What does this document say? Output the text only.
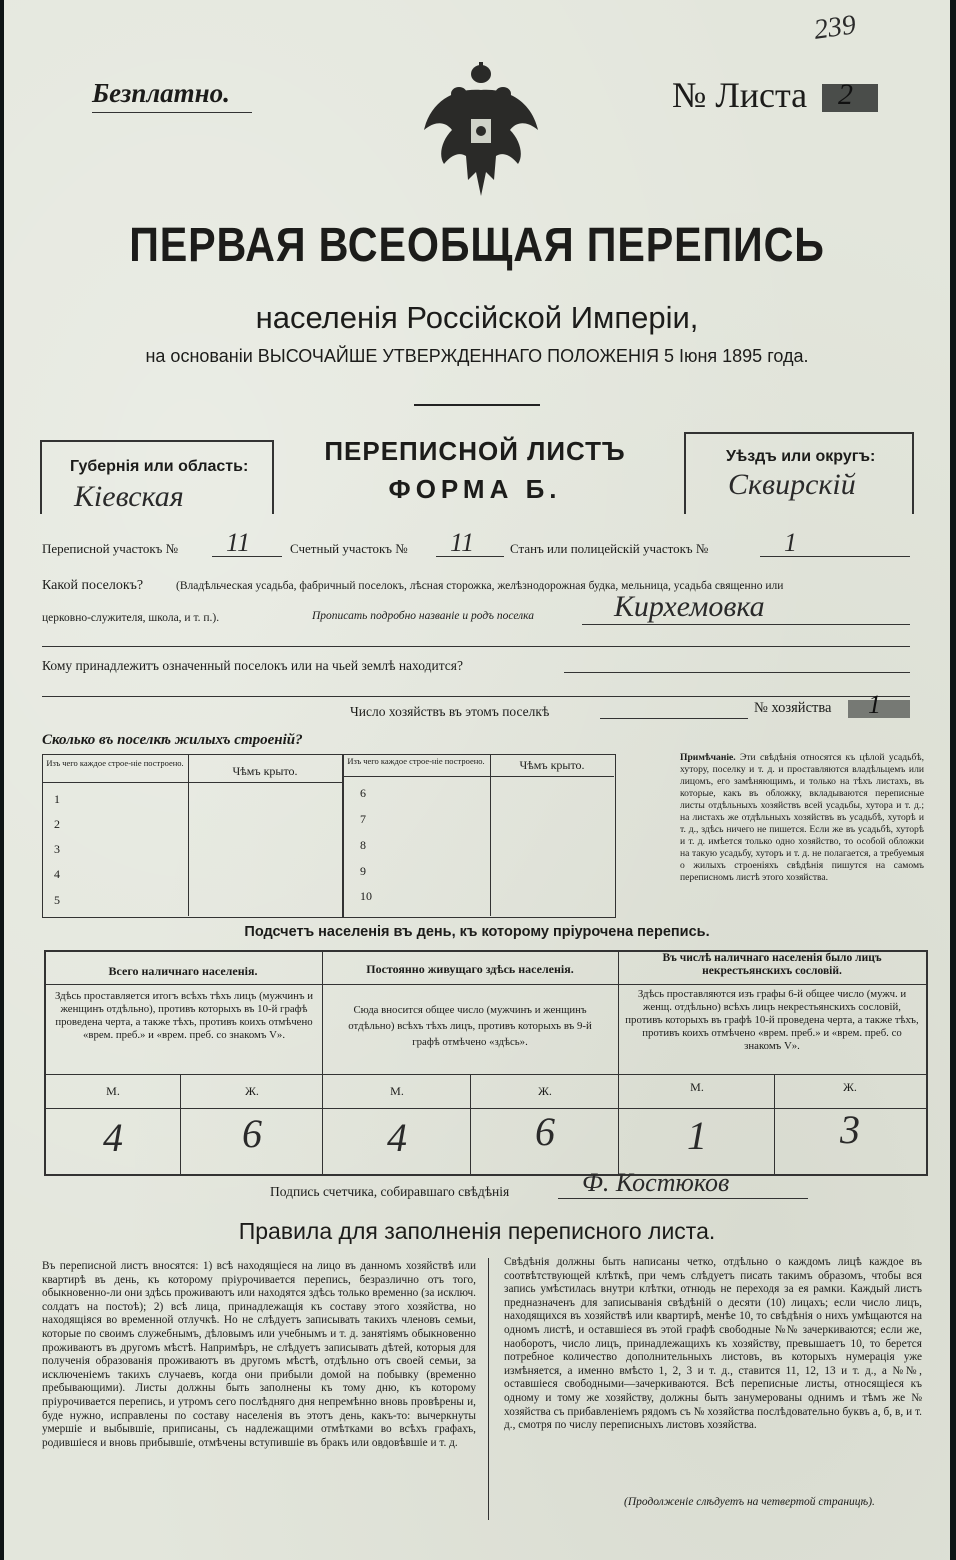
239
Безплатно.	№ Листа 2
ПЕРВАЯ ВСЕОБЩАЯ ПЕРЕПИСЬ
населенія Россійской Имперіи,
на основаніи ВЫСОЧАЙШЕ УТВЕРЖДЕННАГО ПОЛОЖЕНІЯ 5 Іюня 1895 года.
Губернія или область:
Кіевская
ПЕРЕПИСНОЙ ЛИСТЪ
ФОРМА Б.
Уѣздъ или округъ:
Сквирскій
Переписной участокъ № 11	Счетный участокъ № 11	Станъ или полицейскій участокъ №	1
Какой поселокъ?	(Владѣльческая усадьба, фабричный поселокъ, лѣсная сторожка, желѣзнодорожная будка, мельница, усадьба священно или
церковно-служителя, школа, и т. п.).	Прописать подробно названіе и родъ поселка	Кирхемовка
Кому принадлежитъ означенный поселокъ или на чьей землѣ находится?
Число хозяйствъ въ этомъ поселкѣ	№ хозяйства 1
Сколько въ поселкѣ жилыхъ строеній?
Изъ чего каждое строе-ніе построено.
Чѣмъ крыто.
1
2
3
4
5
Изъ чего каждое строе-ніе построено.	Чѣмъ крыто.
6
7
8
9
10
Примѣчаніе. Эти свѣдѣнія относятся къ цѣлой усадьбѣ, хутору, поселку и т. д. и проставляются владѣльцемъ или лицомъ, его замѣняющимъ, и только на тѣхъ листахъ, въ которые, какъ въ обложку, вкладываются переписные листы отдѣльныхъ хозяйствъ всей усадьбы, хутора и т. д.; на листахъ же отдѣльныхъ хозяйствъ въ усадьбѣ, хуторѣ и т. д., здѣсь ничего не пишется. Если же въ усадьбѣ, хуторѣ и т. д. имѣется только одно хозяйство, то особой обложки на такую усадьбу, хуторъ и т. д. не полагается, а требуемыя о жилыхъ строеніяхъ свѣдѣнія пишутся на самомъ переписномъ листѣ этого хозяйства.
Подсчетъ населенія въ день, къ которому пріурочена перепись.
Всего наличнаго населенія.
Здѣсь проставляется итогъ всѣхъ тѣхъ лицъ (мужчинъ и женщинъ отдѣльно), противъ которыхъ въ 10-й графѣ проведена черта, а также тѣхъ, противъ коихъ отмѣчено «врем. преб.» и «врем. преб. со знакомъ V».
Постоянно живущаго здѣсь населенія.
Сюда вносится общее число (мужчинъ и женщинъ отдѣльно) всѣхъ тѣхъ лицъ, противъ которыхъ въ 9-й графѣ отмѣчено «здѣсь».
Въ числѣ наличнаго населенія было лицъ некрестьянскихъ сословій.
Здѣсь проставляются изъ графы 6-й общее число (мужч. и женщ. отдѣльно) всѣхъ лицъ некрестьянскихъ сословій, противъ которыхъ въ графѣ 10-й проведена черта, а также тѣхъ, противъ коихъ отмѣчено «врем. преб.» и «врем. преб. со знакомъ V».
М.	Ж.	М.	Ж.	М.	Ж.
4	6	4	6	1	3
Подпись счетчика, собиравшаго свѣдѣнія	Ф. Костюков
Правила для заполненія переписного листа.
Въ переписной листъ вносятся: 1) всѣ находящіеся на лицо въ данномъ хозяйствѣ или квартирѣ въ день, къ которому пріурочивается перепись, безразлично отъ того, обыкновенно-ли они здѣсь проживаютъ или находятся здѣсь только временно (за исключ. солдатъ на постоѣ); 2) всѣ лица, принадлежащія къ составу этого хозяйства, но находящіяся во временной отлучкѣ. Но не слѣдуетъ записывать такихъ членовъ семьи, которые по своимъ служебнымъ, дѣловымъ или учебнымъ и т. д. занятіямъ обыкновенно проживаютъ въ другомъ мѣстѣ. Напримѣръ, не слѣдуетъ записывать дѣтей, которыя для полученія образованія проживаютъ въ другомъ мѣстѣ, отдѣльно отъ своей семьи, за исключеніемъ такихъ случаевъ, когда они прибыли домой на побывку (временно пребывающими). Листы должны быть заполнены къ тому дню, къ которому пріурочивается перепись, и утромъ сего послѣдняго дня непремѣнно вновь провѣрены и, буде нужно, исправлены по составу населенія въ этотъ день, какъ-то: вычеркнуты умершіе и выбывшіе, приписаны, съ надлежащими отмѣтками во всѣхъ графахъ, родившіеся и вновь прибывшіе, отмѣчены вступившіе въ бракъ или овдовѣвшіе и т. д.
Свѣдѣнія должны быть написаны четко, отдѣльно о каждомъ лицѣ каждое въ соотвѣтствующей клѣткѣ, при чемъ слѣдуетъ писать такимъ образомъ, чтобы вся запись умѣстилась внутри клѣтки, отнюдь не переходя за ея рамки. Каждый листъ предназначенъ для записыванія свѣдѣній о десяти (10) лицахъ; если число лицъ, находящихся въ хозяйствѣ или квартирѣ, менѣе 10, то свѣдѣнія о нихъ умѣщаются на одномъ листѣ, и оставшіеся въ этой графѣ свободные №№ зачеркиваются; если же, наоборотъ, число лицъ, принадлежащихъ къ хозяйству, превышаетъ 10, то берется потребное количество дополнительныхъ листовъ, въ которыхъ нумерація уже измѣняется, а именно вмѣсто 1, 2, 3 и т. д., ставится 11, 12, 13 и т. д., а №№, оставшіеся свободными—зачеркиваются. Всѣ переписные листы, относящіеся къ одному и тому же хозяйству, должны быть занумерованы однимъ и тѣмъ же № хозяйства съ прибавленіемъ рядомъ съ № хозяйства послѣдовательно буквъ а, б, в, и т. д., смотря по числу переписныхъ листовъ хозяйства.
(Продолженіе слѣдуетъ на четвертой страницѣ).
